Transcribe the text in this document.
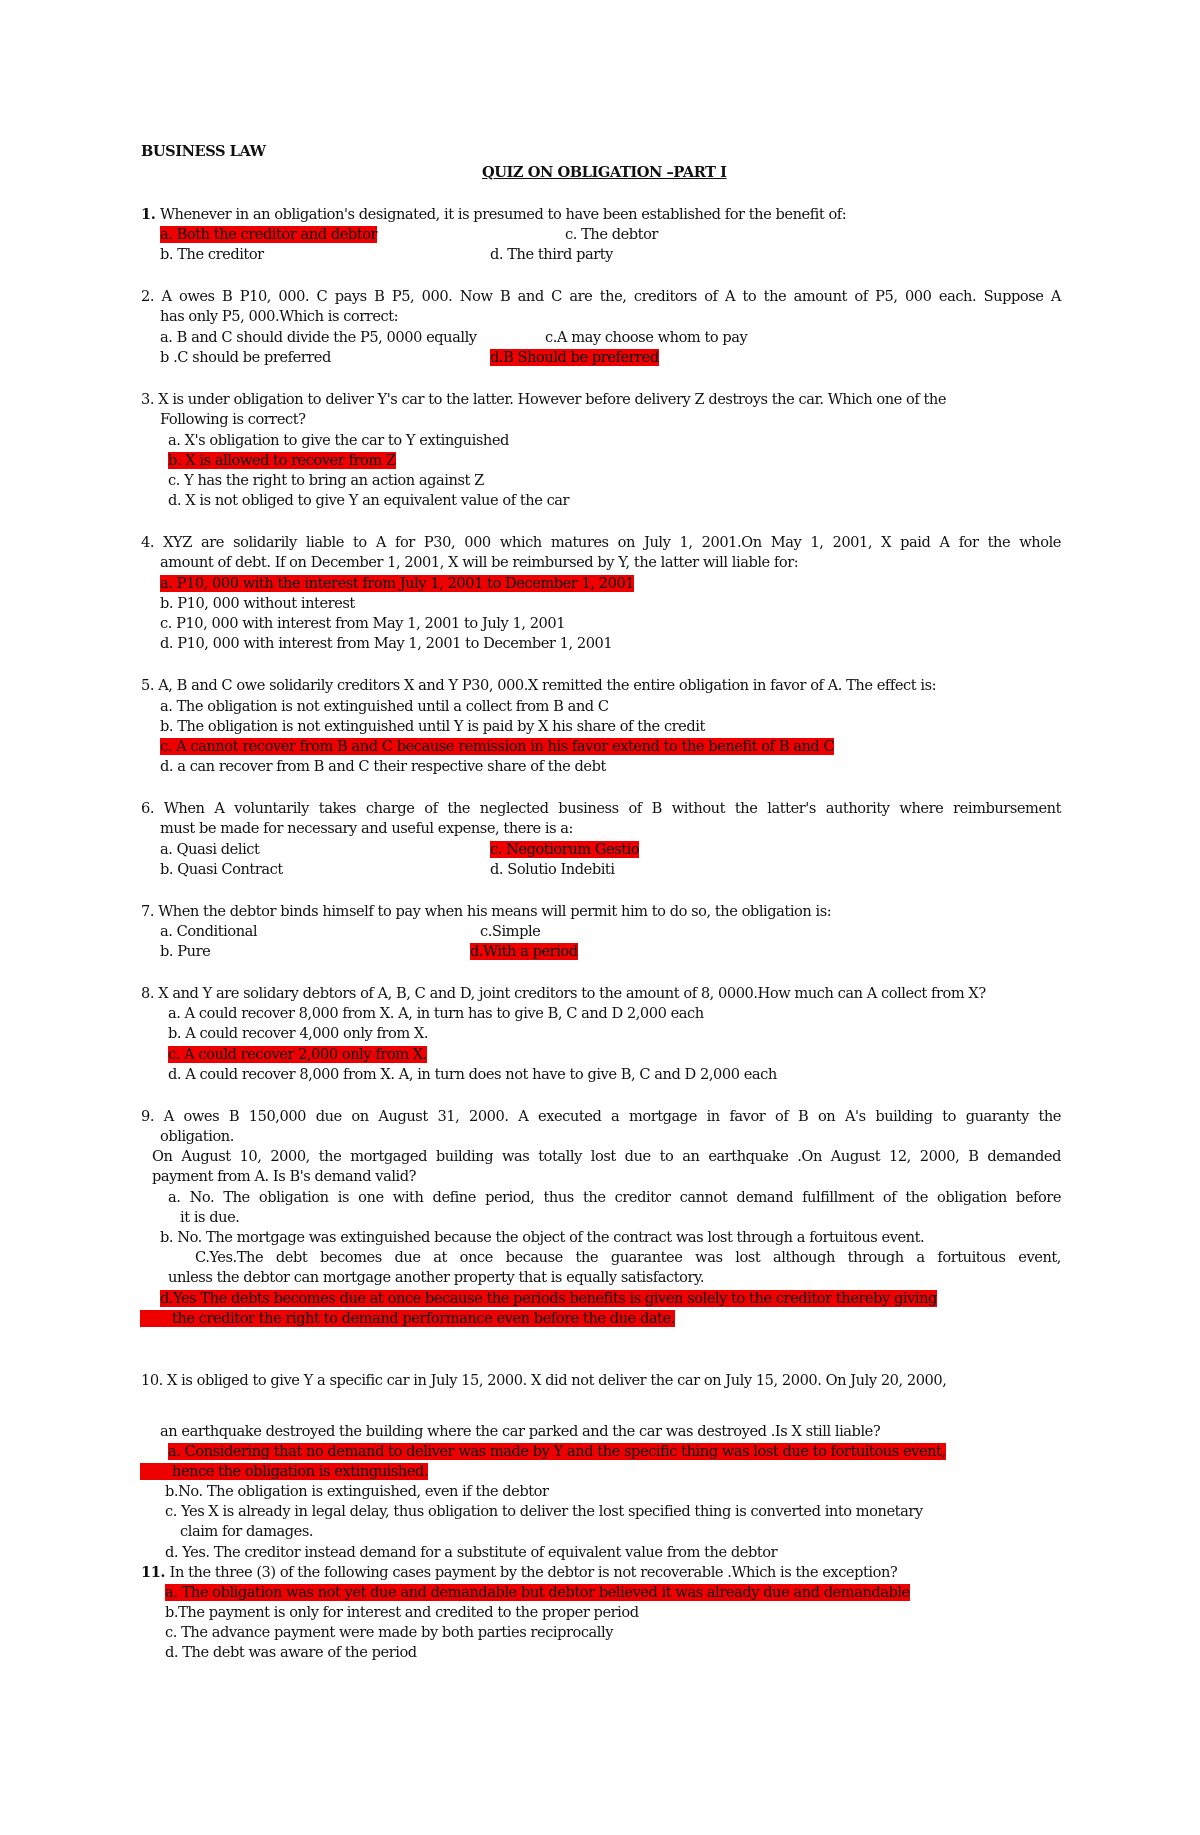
BUSINESS LAW
QUIZ ON OBLIGATION –PART I
1. Whenever in an obligation's designated, it is presumed to have been established for the benefit of:
a. Both the creditor and debtor	c. The debtor
b. The creditor	d. The third party
2. A owes B P10, 000. C pays B P5, 000. Now B and C are the, creditors of A to the amount of P5, 000 each. Suppose A
has only P5, 000.Which is correct:
a. B and C should divide the P5, 0000 equally	c.A may choose whom to pay
b .C should be preferred	d.B Should be preferred
3. X is under obligation to deliver Y's car to the latter. However before delivery Z destroys the car. Which one of the
Following is correct?
a. X's obligation to give the car to Y extinguished
b. X is allowed to recover from Z
c. Y has the right to bring an action against Z
d. X is not obliged to give Y an equivalent value of the car
4. XYZ are solidarily liable to A for P30, 000 which matures on July 1, 2001.On May 1, 2001, X paid A for the whole
amount of debt. If on December 1, 2001, X will be reimbursed by Y, the latter will liable for:
a. P10, 000 with the interest from July 1, 2001 to December 1, 2001
b. P10, 000 without interest
c. P10, 000 with interest from May 1, 2001 to July 1, 2001
d. P10, 000 with interest from May 1, 2001 to December 1, 2001
5. A, B and C owe solidarily creditors X and Y P30, 000.X remitted the entire obligation in favor of A. The effect is:
a. The obligation is not extinguished until a collect from B and C
b. The obligation is not extinguished until Y is paid by X his share of the credit
c. A cannot recover from B and C because remission in his favor extend to the benefit of B and C
d. a can recover from B and C their respective share of the debt
6. When A voluntarily takes charge of the neglected business of B without the latter's authority where reimbursement
must be made for necessary and useful expense, there is a:
a. Quasi delict	c. Negotiorum Gestio
b. Quasi Contract	d. Solutio Indebiti
7. When the debtor binds himself to pay when his means will permit him to do so, the obligation is:
a. Conditional	c.Simple
b. Pure	d.With a period
8. X and Y are solidary debtors of A, B, C and D, joint creditors to the amount of 8, 0000.How much can A collect from X?
a. A could recover 8,000 from X. A, in turn has to give B, C and D 2,000 each
b. A could recover 4,000 only from X.
c. A could recover 2,000 only from X.
d. A could recover 8,000 from X. A, in turn does not have to give B, C and D 2,000 each
9. A owes B 150,000 due on August 31, 2000. A executed a mortgage in favor of B on A's building to guaranty the
obligation.
On August 10, 2000, the mortgaged building was totally lost due to an earthquake .On August 12, 2000, B demanded
payment from A. Is B's demand valid?
a. No. The obligation is one with define period, thus the creditor cannot demand fulfillment of the obligation before
it is due.
b. No. The mortgage was extinguished because the object of the contract was lost through a fortuitous event.
C.Yes.The debt becomes due at once because the guarantee was lost although through a fortuitous event,
unless the debtor can mortgage another property that is equally satisfactory.
d.Yes The debts becomes due at once because the periods benefits is given solely to the creditor thereby giving
the creditor the right to demand performance even before the due date.
10. X is obliged to give Y a specific car in July 15, 2000. X did not deliver the car on July 15, 2000. On July 20, 2000,
an earthquake destroyed the building where the car parked and the car was destroyed .Is X still liable?
a. Considering that no demand to deliver was made by Y and the specific thing was lost due to fortuitous event,
hence the obligation is extinguished.
b.No. The obligation is extinguished, even if the debtor
c. Yes X is already in legal delay, thus obligation to deliver the lost specified thing is converted into monetary
claim for damages.
d. Yes. The creditor instead demand for a substitute of equivalent value from the debtor
11. In the three (3) of the following cases payment by the debtor is not recoverable .Which is the exception?
a. The obligation was not yet due and demandable but debtor believed it was already due and demandable
b.The payment is only for interest and credited to the proper period
c. The advance payment were made by both parties reciprocally
d. The debt was aware of the period
